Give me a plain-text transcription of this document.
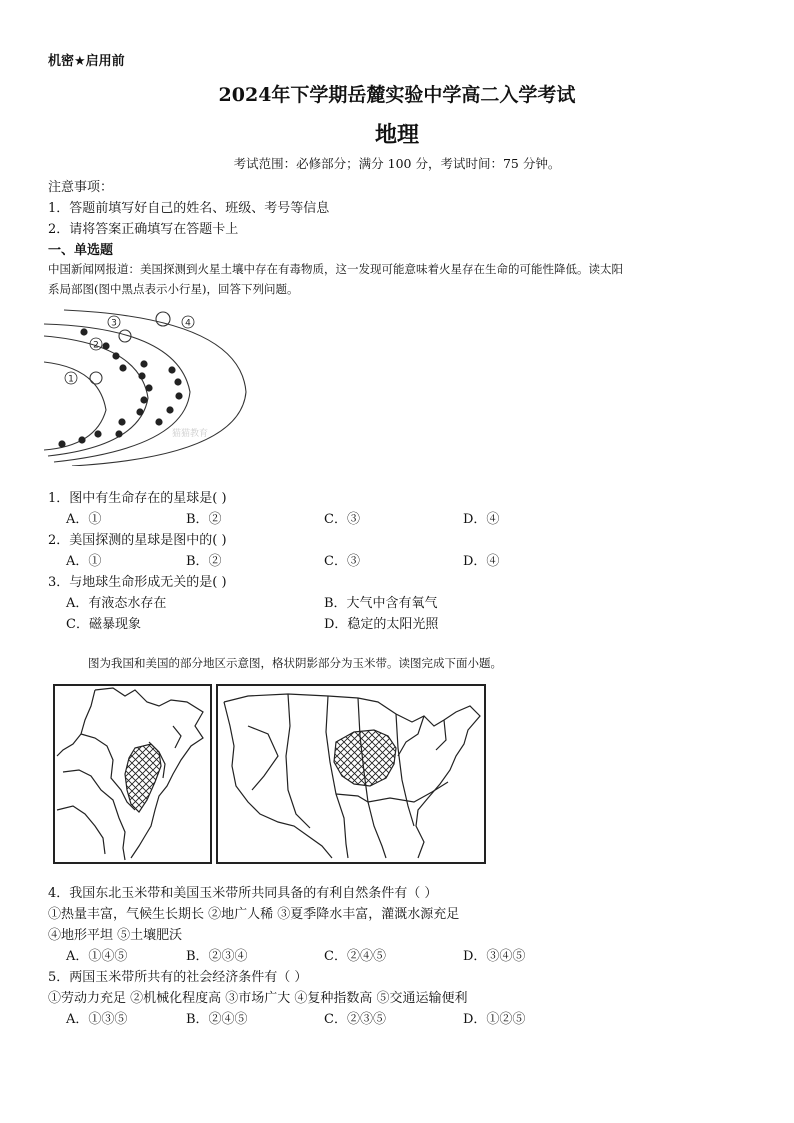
机密★启用前
2024年下学期岳麓实验中学高二入学考试
地理
考试范围：必修部分；满分 100 分，考试时间：75 分钟。
注意事项：
1．答题前填写好自己的姓名、班级、考号等信息
2．请将答案正确填写在答题卡上
一、单选题
中国新闻网报道：美国探测到火星土壤中存在有毒物质，这一发现可能意味着火星存在生命的可能性降低。读太阳
系局部图(图中黑点表示小行星)，回答下列问题。
1
2
3	4
猫猫教育
1．图中有生命存在的星球是( )
A．①	B．②	C．③	D．④
2．美国探测的星球是图中的( )
A．①	B．②	C．③	D．④
3．与地球生命形成无关的是( )
A．有液态水存在	B．大气中含有氧气
C．磁暴现象	D．稳定的太阳光照
图为我国和美国的部分地区示意图，格状阴影部分为玉米带。读图完成下面小题。
4．我国东北玉米带和美国玉米带所共同具备的有利自然条件有（ ）
①热量丰富，气候生长期长 ②地广人稀 ③夏季降水丰富，灌溉水源充足
④地形平坦 ⑤土壤肥沃
A．①④⑤	B．②③④	C．②④⑤	D．③④⑤
5．两国玉米带所共有的社会经济条件有（ ）
①劳动力充足 ②机械化程度高 ③市场广大 ④复种指数高 ⑤交通运输便利
A．①③⑤	B．②④⑤	C．②③⑤	D．①②⑤
